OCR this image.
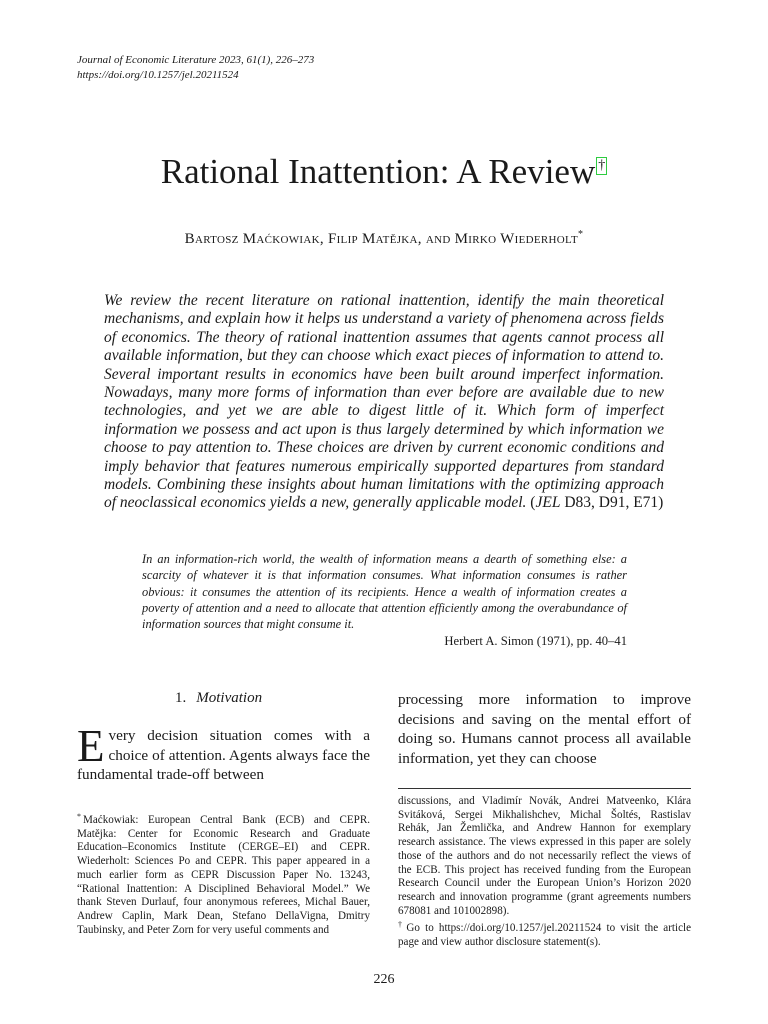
Journal of Economic Literature 2023, 61(1), 226–273
https://doi.org/10.1257/jel.20211524
Rational Inattention: A Review †
Bartosz Maćkowiak, Filip Matějka, and Mirko Wiederholt*
We review the recent literature on rational inattention, identify the main theoretical mechanisms, and explain how it helps us understand a variety of phenomena across fields of economics. The theory of rational inattention assumes that agents cannot process all available information, but they can choose which exact pieces of information to attend to. Several important results in economics have been built around imperfect information. Nowadays, many more forms of information than ever before are available due to new technologies, and yet we are able to digest little of it. Which form of imperfect information we possess and act upon is thus largely determined by which information we choose to pay attention to. These choices are driven by current economic conditions and imply behavior that features numerous empirically supported departures from standard models. Combining these insights about human limitations with the optimizing approach of neoclassical economics yields a new, generally applicable model. (JEL D83, D91, E71)
In an information-rich world, the wealth of information means a dearth of something else: a scarcity of whatever it is that information consumes. What information consumes is rather obvious: it consumes the attention of its recipients. Hence a wealth of information creates a poverty of attention and a need to allocate that attention efficiently among the overabundance of information sources that might consume it.
Herbert A. Simon (1971), pp. 40–41
1. Motivation
Every decision situation comes with a choice of attention. Agents always face the fundamental trade-off between
processing more information to improve decisions and saving on the mental effort of doing so. Humans cannot process all available information, yet they can choose
* Maćkowiak: European Central Bank (ECB) and CEPR. Matějka: Center for Economic Research and Graduate Education–Economics Institute (CERGE–EI) and CEPR. Wiederholt: Sciences Po and CEPR. This paper appeared in a much earlier form as CEPR Discussion Paper No. 13243, “Rational Inattention: A Disciplined Behavioral Model.” We thank Steven Durlauf, four anonymous referees, Michal Bauer, Andrew Caplin, Mark Dean, Stefano DellaVigna, Dmitry Taubinsky, and Peter Zorn for very useful comments and

discussions, and Vladimír Novák, Andrei Matveenko, Klára Svitáková, Sergei Mikhalishchev, Michal Šoltés, Rastislav Rehák, Jan Žemlička, and Andrew Hannon for exemplary research assistance. The views expressed in this paper are solely those of the authors and do not necessarily reflect the views of the ECB. This project has received funding from the European Research Council under the European Union’s Horizon 2020 research and innovation programme (grant agreements numbers 678081 and 101002898).

† Go to https://doi.org/10.1257/jel.20211524 to visit the article page and view author disclosure statement(s).

226
